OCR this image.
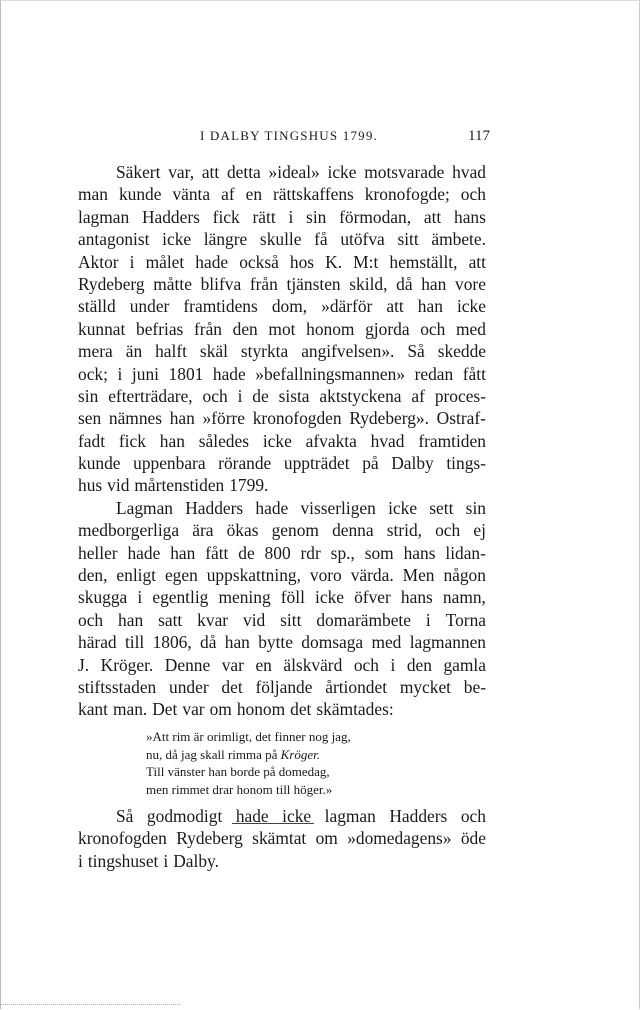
I DALBY TINGSHUS 1799.	117
Säkert var, att detta »ideal» icke motsvarade hvad
man kunde vänta af en rättskaffens kronofogde; och
lagman Hadders fick rätt i sin förmodan, att hans
antagonist icke längre skulle få utöfva sitt ämbete.
Aktor i målet hade också hos K. M:t hemställt, att
Rydeberg måtte blifva från tjänsten skild, då han vore
ställd under framtidens dom, »därför att han icke
kunnat befrias från den mot honom gjorda och med
mera än halft skäl styrkta angifvelsen». Så skedde
ock; i juni 1801 hade »befallningsmannen» redan fått
sin efterträdare, och i de sista aktstyckena af proces-
sen nämnes han »förre kronofogden Rydeberg». Ostraf-
fadt fick han således icke afvakta hvad framtiden
kunde uppenbara rörande uppträdet på Dalby tings-
hus vid mårtenstiden 1799.
Lagman Hadders hade visserligen icke sett sin
medborgerliga ära ökas genom denna strid, och ej
heller hade han fått de 800 rdr sp., som hans lidan-
den, enligt egen uppskattning, voro värda. Men någon
skugga i egentlig mening föll icke öfver hans namn,
och han satt kvar vid sitt domarämbete i Torna
härad till 1806, då han bytte domsaga med lagmannen
J. Kröger. Denne var en älskvärd och i den gamla
stiftsstaden under det följande årtiondet mycket be-
kant man. Det var om honom det skämtades:
»Att rim är orimligt, det finner nog jag,
nu, då jag skall rimma på Kröger.
Till vänster han borde på domedag,
men rimmet drar honom till höger.»
Så godmodigt hade icke lagman Hadders och
kronofogden Rydeberg skämtat om »domedagens» öde
i tingshuset i Dalby.
